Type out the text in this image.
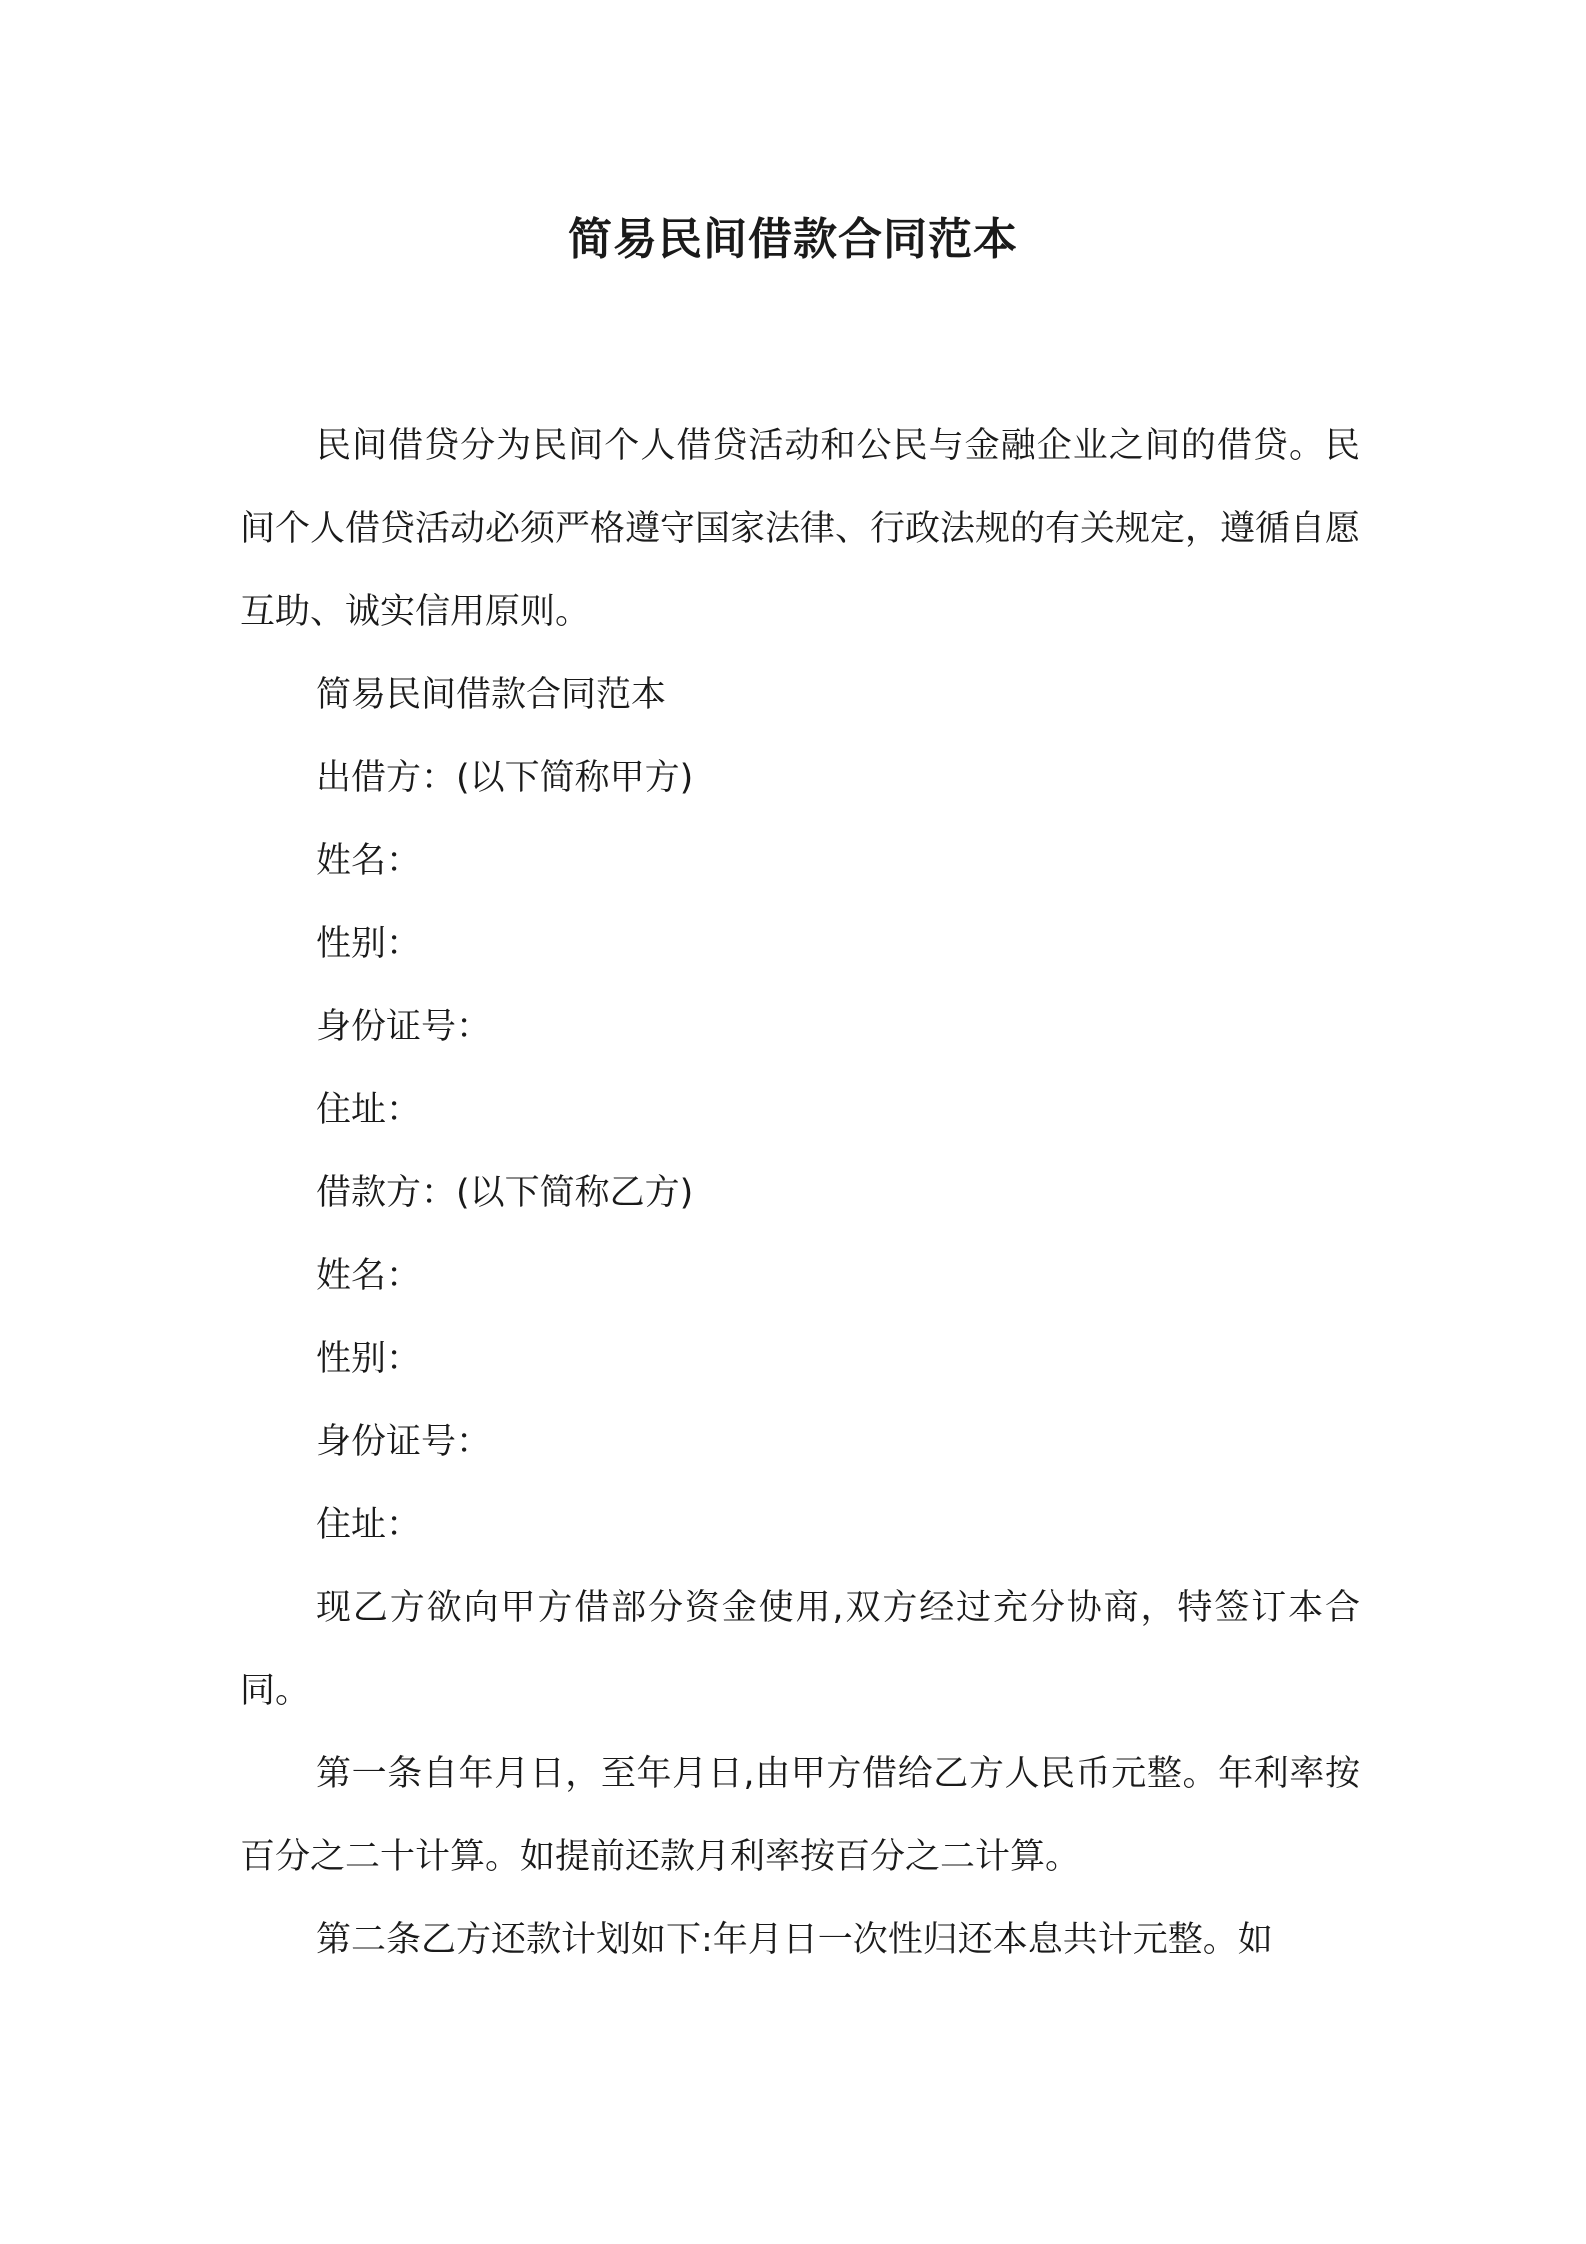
简易民间借款合同范本

民间借贷分为民间个人借贷活动和公民与金融企业之间的借贷。民间个人借贷活动必须严格遵守国家法律、行政法规的有关规定，遵循自愿互助、诚实信用原则。

简易民间借款合同范本

出借方：(以下简称甲方)

姓名：

性别：

身份证号：

住址：

借款方：(以下简称乙方)

姓名：

性别：

身份证号：

住址：

现乙方欲向甲方借部分资金使用,双方经过充分协商，特签订本合同。

第一条自年月日，至年月日,由甲方借给乙方人民币元整。年利率按百分之二十计算。如提前还款月利率按百分之二计算。

第二条乙方还款计划如下:年月日一次性归还本息共计元整。如
